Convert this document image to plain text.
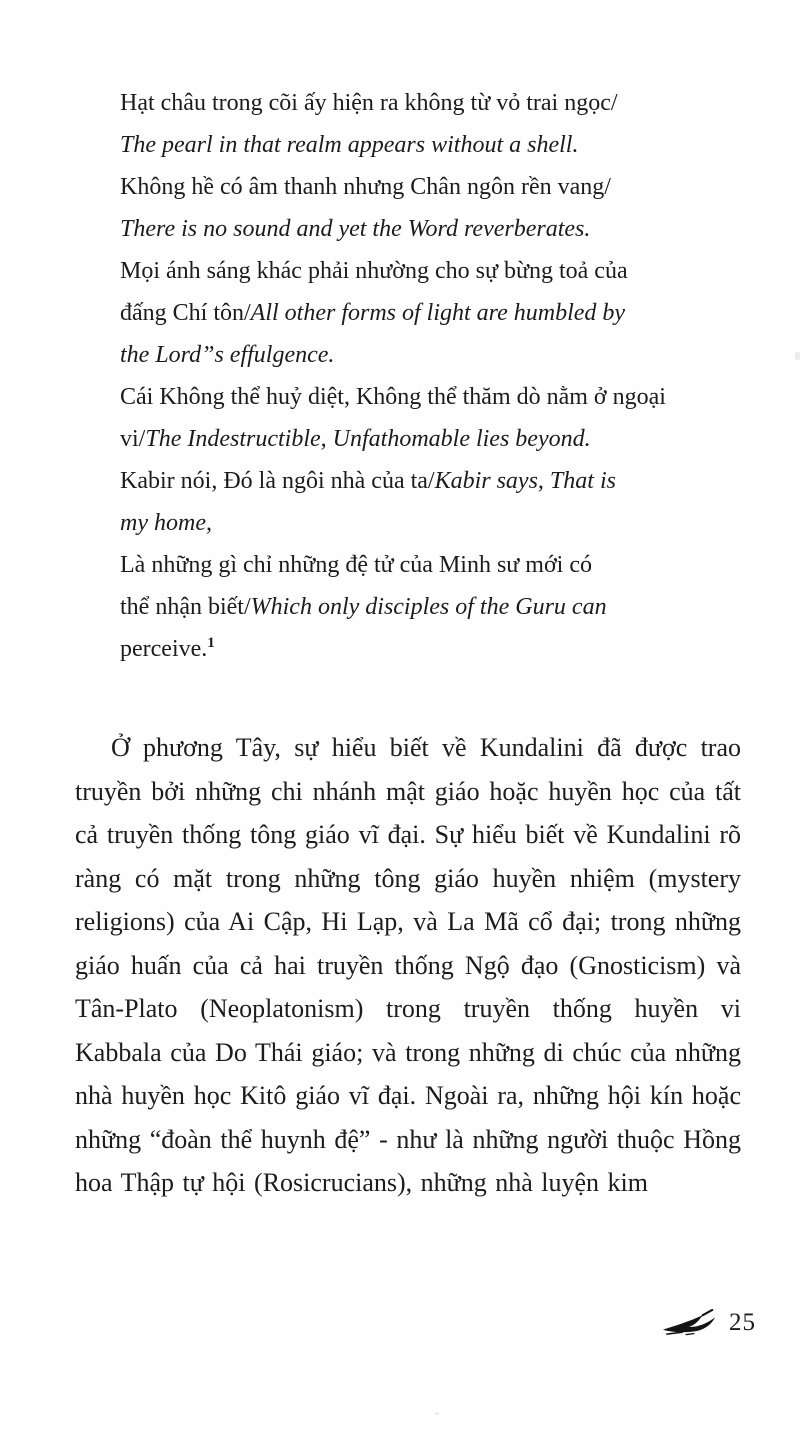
Hạt châu trong cõi ấy hiện ra không từ vỏ trai ngọc/
The pearl in that realm appears without a shell.
Không hề có âm thanh nhưng Chân ngôn rền vang/
There is no sound and yet the Word reverberates.
Mọi ánh sáng khác phải nhường cho sự bừng toả của
đấng Chí tôn/All other forms of light are humbled by
the Lord”s effulgence.
Cái Không thể huỷ diệt, Không thể thăm dò nằm ở ngoại
vi/The Indestructible, Unfathomable lies beyond.
Kabir nói, Đó là ngôi nhà của ta/Kabir says, That is
my home,
Là những gì chỉ những đệ tử của Minh sư mới có
thể nhận biết/Which only disciples of the Guru can
perceive.$^1$
Ở phương Tây, sự hiểu biết về Kundalini đã được trao truyền bởi những chi nhánh mật giáo hoặc huyền học của tất cả truyền thống tông giáo vĩ đại. Sự hiểu biết về Kundalini rõ ràng có mặt trong những tông giáo huyền nhiệm (mystery religions) của Ai Cập, Hi Lạp, và La Mã cổ đại; trong những giáo huấn của cả hai truyền thống Ngộ đạo (Gnosticism) và Tân-Plato (Neoplatonism) trong truyền thống huyền vi Kabbala của Do Thái giáo; và trong những di chúc của những nhà huyền học Kitô giáo vĩ đại. Ngoài ra, những hội kín hoặc những “đoàn thể huynh đệ” - như là những người thuộc Hồng hoa Thập tự hội (Rosicrucians), những nhà luyện kim
25
